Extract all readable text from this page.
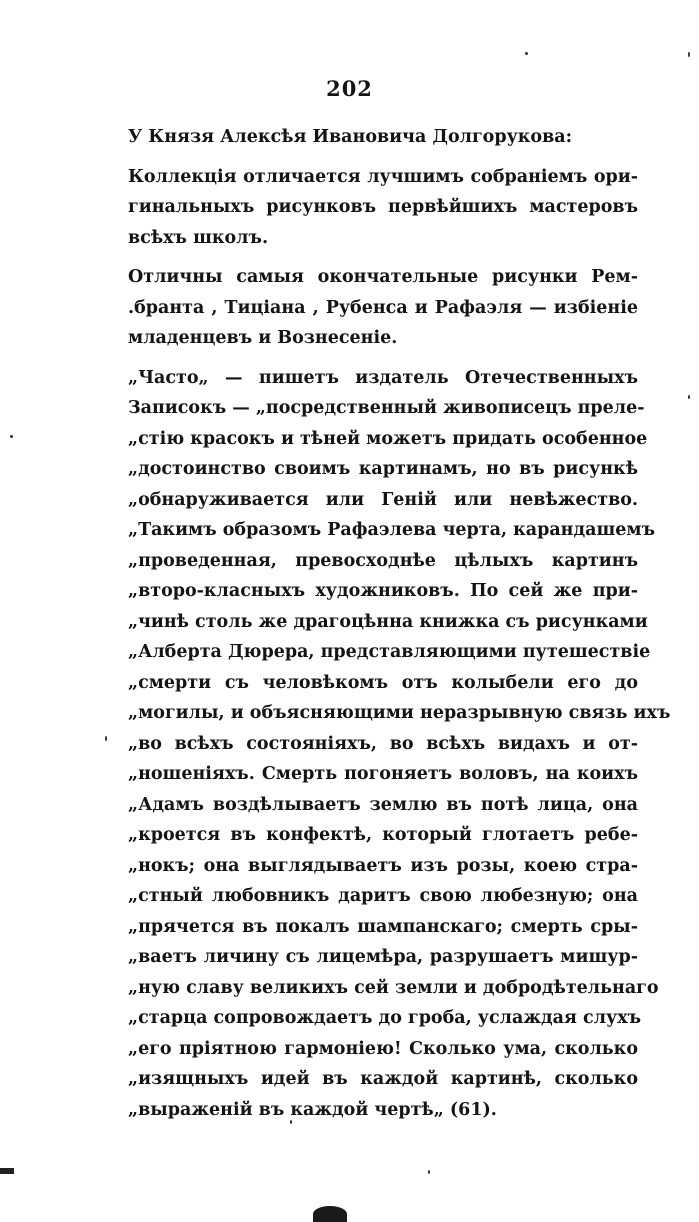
202
У Князя Алексѣя Ивановича Долгорукова:
Коллекція отличается лучшимъ собраніемъ ори-
гинальныхъ рисунковъ первѣйшихъ мастеровъ
всѣхъ школъ.
Отличны самыя окончательные рисунки Рем-
.бранта , Тиціана , Рубенса и Рафаэля — избіеніе
младенцевъ и Вознесеніе.
„Часто„ — пишетъ издатель Отечественныхъ
Записокъ — „посредственный живописецъ преле-
„стію красокъ и тѣней можетъ придать особенное
„достоинство своимъ картинамъ, но въ рисункѣ
„обнаруживается или Геній или невѣжество.
„Такимъ образомъ Рафаэлева черта, карандашемъ
„проведенная, превосходнѣе цѣлыхъ картинъ
„второ-класныхъ художниковъ. По сей же при-
„чинѣ столь же драгоцѣнна книжка съ рисунками
„Алберта Дюрера, представляющими путешествіе
„смерти съ человѣкомъ отъ колыбели его до
„могилы, и объясняющими неразрывную связь ихъ
„во всѣхъ состояніяхъ, во всѣхъ видахъ и от-
„ношеніяхъ. Смерть погоняетъ воловъ, на коихъ
„Адамъ воздѣлываетъ землю въ потѣ лица, она
„кроется въ конфектѣ, который глотаетъ ребе-
„нокъ; она выглядываетъ изъ розы, коею стра-
„стный любовникъ даритъ свою любезную; она
„прячется въ покалъ шампанскаго; смерть сры-
„ваетъ личину съ лицемѣра, разрушаетъ мишур-
„ную славу великихъ сей земли и добродѣтельнаго
„старца сопровождаетъ до гроба, услаждая слухъ
„его пріятною гармоніею! Сколько ума, сколько
„изящныхъ идей въ каждой картинѣ, сколько
„выраженій въ каждой чертѣ„ (61).
